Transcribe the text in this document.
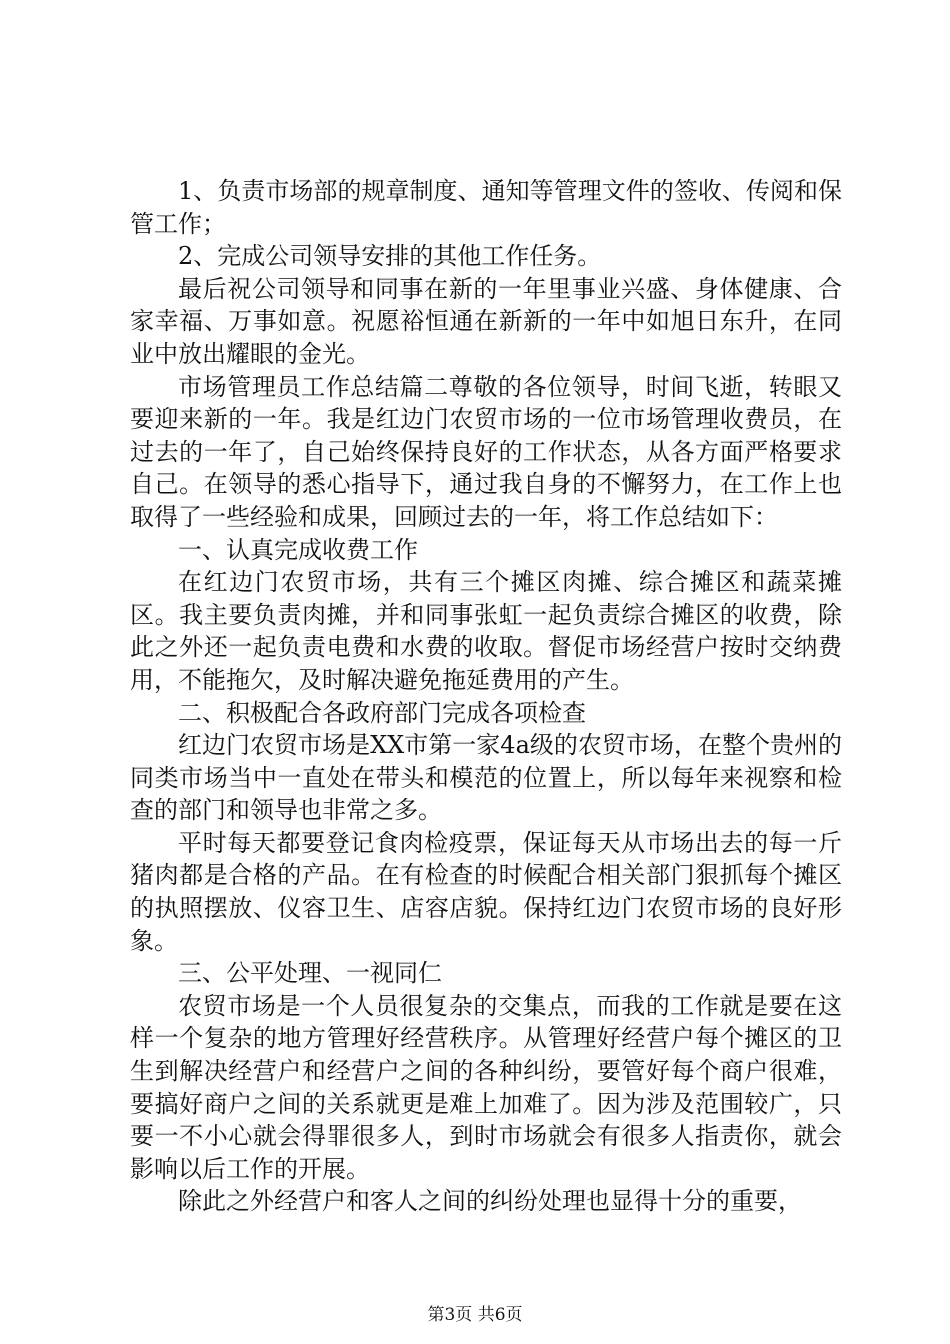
1、负责市场部的规章制度、通知等管理文件的签收、传阅和保管工作；

2、完成公司领导安排的其他工作任务。

最后祝公司领导和同事在新的一年里事业兴盛、身体健康、合家幸福、万事如意。祝愿裕恒通在新新的一年中如旭日东升，在同业中放出耀眼的金光。

市场管理员工作总结篇二尊敬的各位领导，时间飞逝，转眼又要迎来新的一年。我是红边门农贸市场的一位市场管理收费员，在过去的一年了，自己始终保持良好的工作状态，从各方面严格要求自己。在领导的悉心指导下，通过我自身的不懈努力，在工作上也取得了一些经验和成果，回顾过去的一年，将工作总结如下：

一、认真完成收费工作

在红边门农贸市场，共有三个摊区肉摊、综合摊区和蔬菜摊区。我主要负责肉摊，并和同事张虹一起负责综合摊区的收费，除此之外还一起负责电费和水费的收取。督促市场经营户按时交纳费用，不能拖欠，及时解决避免拖延费用的产生。

二、积极配合各政府部门完成各项检查

红边门农贸市场是XX市第一家4a级的农贸市场，在整个贵州的同类市场当中一直处在带头和模范的位置上，所以每年来视察和检查的部门和领导也非常之多。

平时每天都要登记食肉检疫票，保证每天从市场出去的每一斤猪肉都是合格的产品。在有检查的时候配合相关部门狠抓每个摊区的执照摆放、仪容卫生、店容店貌。保持红边门农贸市场的良好形象。

三、公平处理、一视同仁

农贸市场是一个人员很复杂的交集点，而我的工作就是要在这样一个复杂的地方管理好经营秩序。从管理好经营户每个摊区的卫生到解决经营户和经营户之间的各种纠纷，要管好每个商户很难，要搞好商户之间的关系就更是难上加难了。因为涉及范围较广，只要一不小心就会得罪很多人，到时市场就会有很多人指责你，就会影响以后工作的开展。

除此之外经营户和客人之间的纠纷处理也显得十分的重要，

第3页 共6页
